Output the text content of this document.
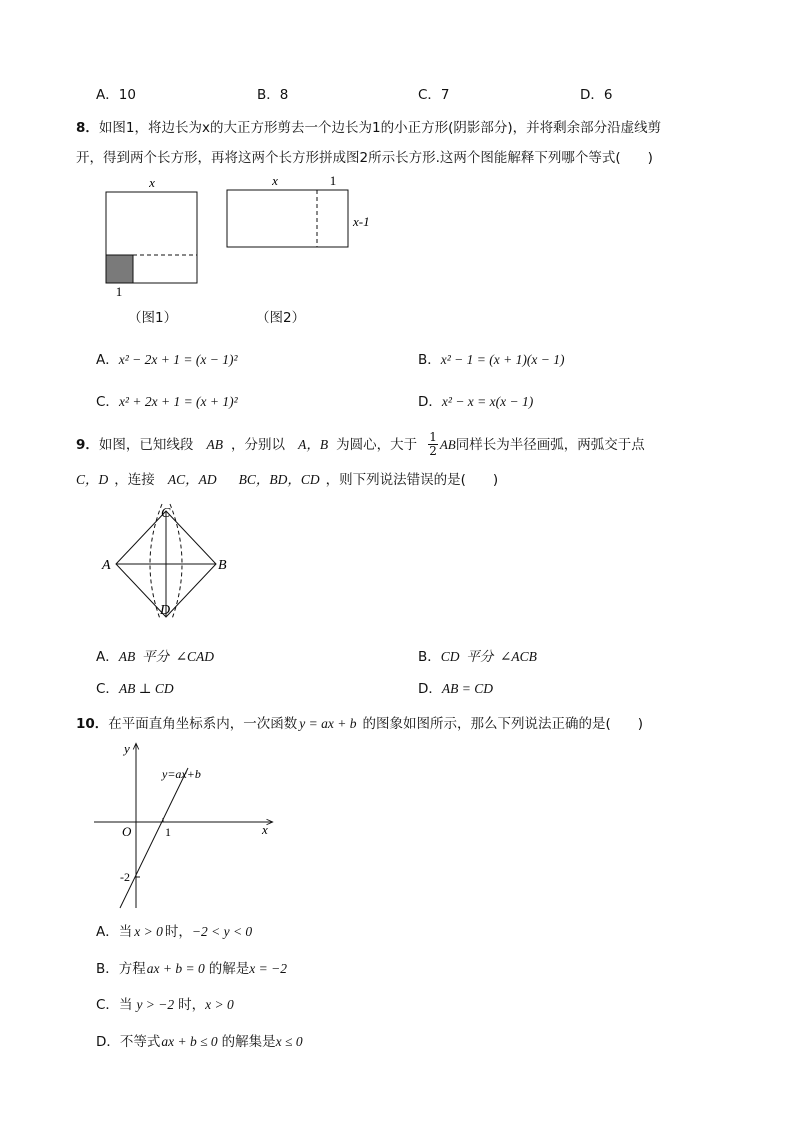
A．10	B．8	C．7	D．6
8．如图1，将边长为x的大正方形剪去一个边长为1的小正方形(阴影部分)，并将剩余部分沿虚线剪
开，得到两个长方形，再将这两个长方形拼成图2所示长方形.这两个图能解释下列哪个等式(　　)
x
1
（图1）
x	1
x-1
（图2）
A．x² − 2x + 1 = (x − 1)²	B．x² − 1 = (x + 1)(x − 1)
C．x² + 2x + 1 = (x + 1)²	D．x² − x = x(x − 1)
9．如图，已知线段 AB ，分别以 A，B 为圆心，大于 $\frac{1}{2}$ AB同样长为半径画弧，两弧交于点
C，D ，连接 AC，AD BC，BD，CD ，则下列说法错误的是(　　)
A	B
C
D
A．AB  平分  ∠CAD	B．CD  平分  ∠ACB
C．AB ⊥ CD	D．AB = CD
10．在平面直角坐标系内，一次函数 y = ax + b 的图象如图所示，那么下列说法正确的是(　　)
y
x
O
y=ax+b
1
-2
A．当 x > 0 时，−2 < y < 0
B．方程ax + b = 0 的解是x = −2
C．当 y > −2 时，x > 0
D．不等式ax + b ≤ 0 的解集是x ≤ 0
